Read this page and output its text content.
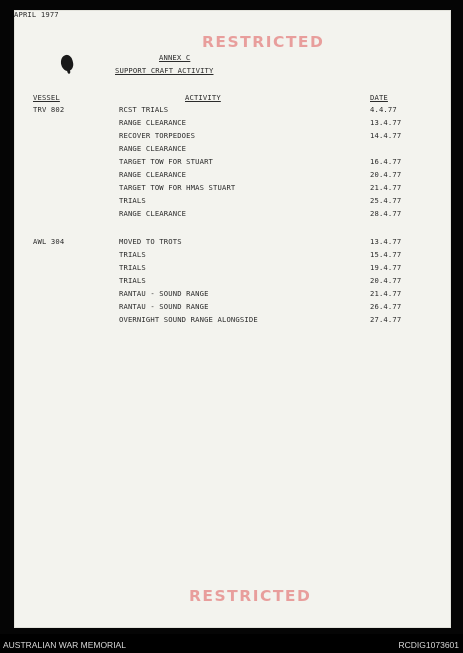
RESTRICTED
ANNEX C
APRIL 1977
SUPPORT CRAFT ACTIVITY
VESSEL	ACTIVITY	DATE
TRV 802	RCST TRIALS	4.4.77
RANGE CLEARANCE	13.4.77
RECOVER TORPEDOES	14.4.77
RANGE CLEARANCE
TARGET TOW FOR STUART	16.4.77
RANGE CLEARANCE	20.4.77
TARGET TOW FOR HMAS STUART	21.4.77
TRIALS	25.4.77
RANGE CLEARANCE	28.4.77
AWL 304	MOVED TO TROTS	13.4.77
TRIALS	15.4.77
TRIALS	19.4.77
TRIALS	20.4.77
RANTAU - SOUND RANGE	21.4.77
RANTAU - SOUND RANGE	26.4.77
OVERNIGHT SOUND RANGE ALONGSIDE	27.4.77
RESTRICTED
AUSTRALIAN WAR MEMORIAL	RCDIG1073601
